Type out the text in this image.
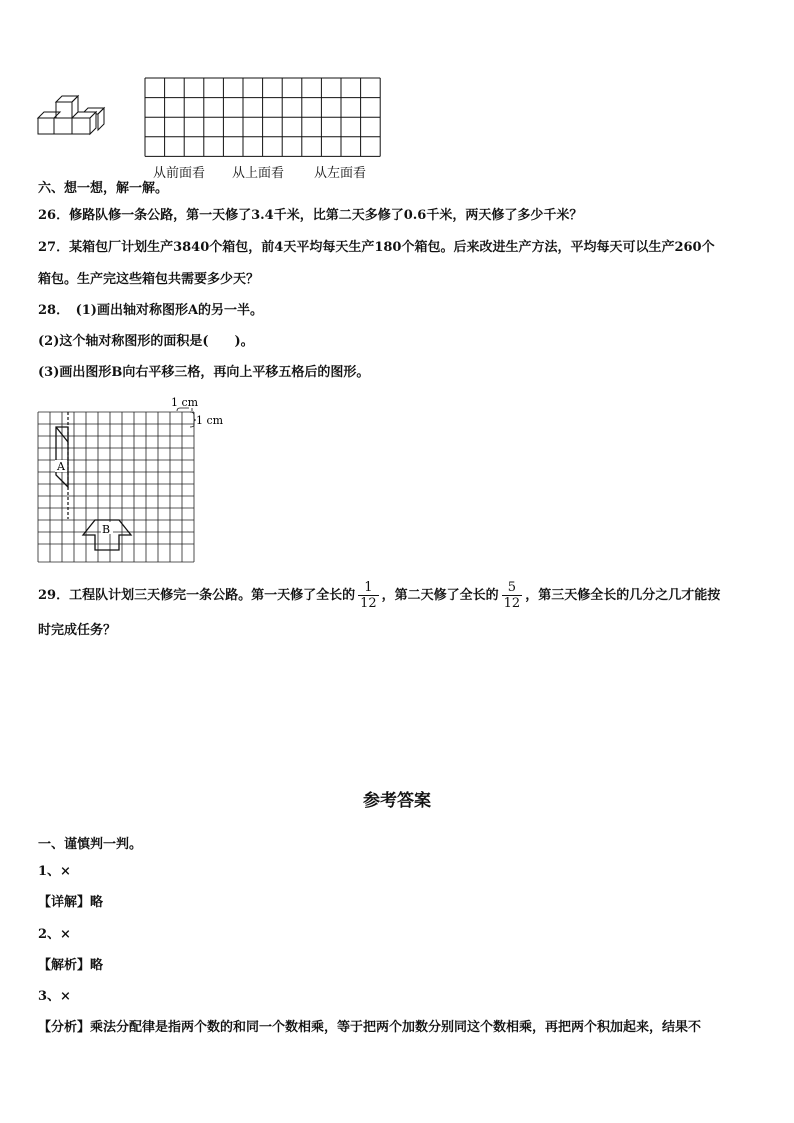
从前面看 从上面看 从左面看
六、想一想，解一解。
26．修路队修一条公路，第一天修了3.4千米，比第二天多修了0.6千米，两天修了多少千米？
27．某箱包厂计划生产3840个箱包，前4天平均每天生产180个箱包。后来改进生产方法，平均每天可以生产260个
箱包。生产完这些箱包共需要多少天？
28．　(1)画出轴对称图形A的另一半。
(2)这个轴对称图形的面积是(　　)。
(3)画出图形B向右平移三格，再向上平移五格后的图形。
1 cm
1 cm
A
B
29．工程队计划三天修完一条公路。第一天修了全长的 $\frac{1}{12}$ ，第二天修了全长的 $\frac{5}{12}$ ，第三天修全长的几分之几才能按
时完成任务？
参考答案
一、谨慎判一判。
1、×
【详解】略
2、×
【解析】略
3、×
【分析】乘法分配律是指两个数的和同一个数相乘，等于把两个加数分别同这个数相乘，再把两个积加起来，结果不
